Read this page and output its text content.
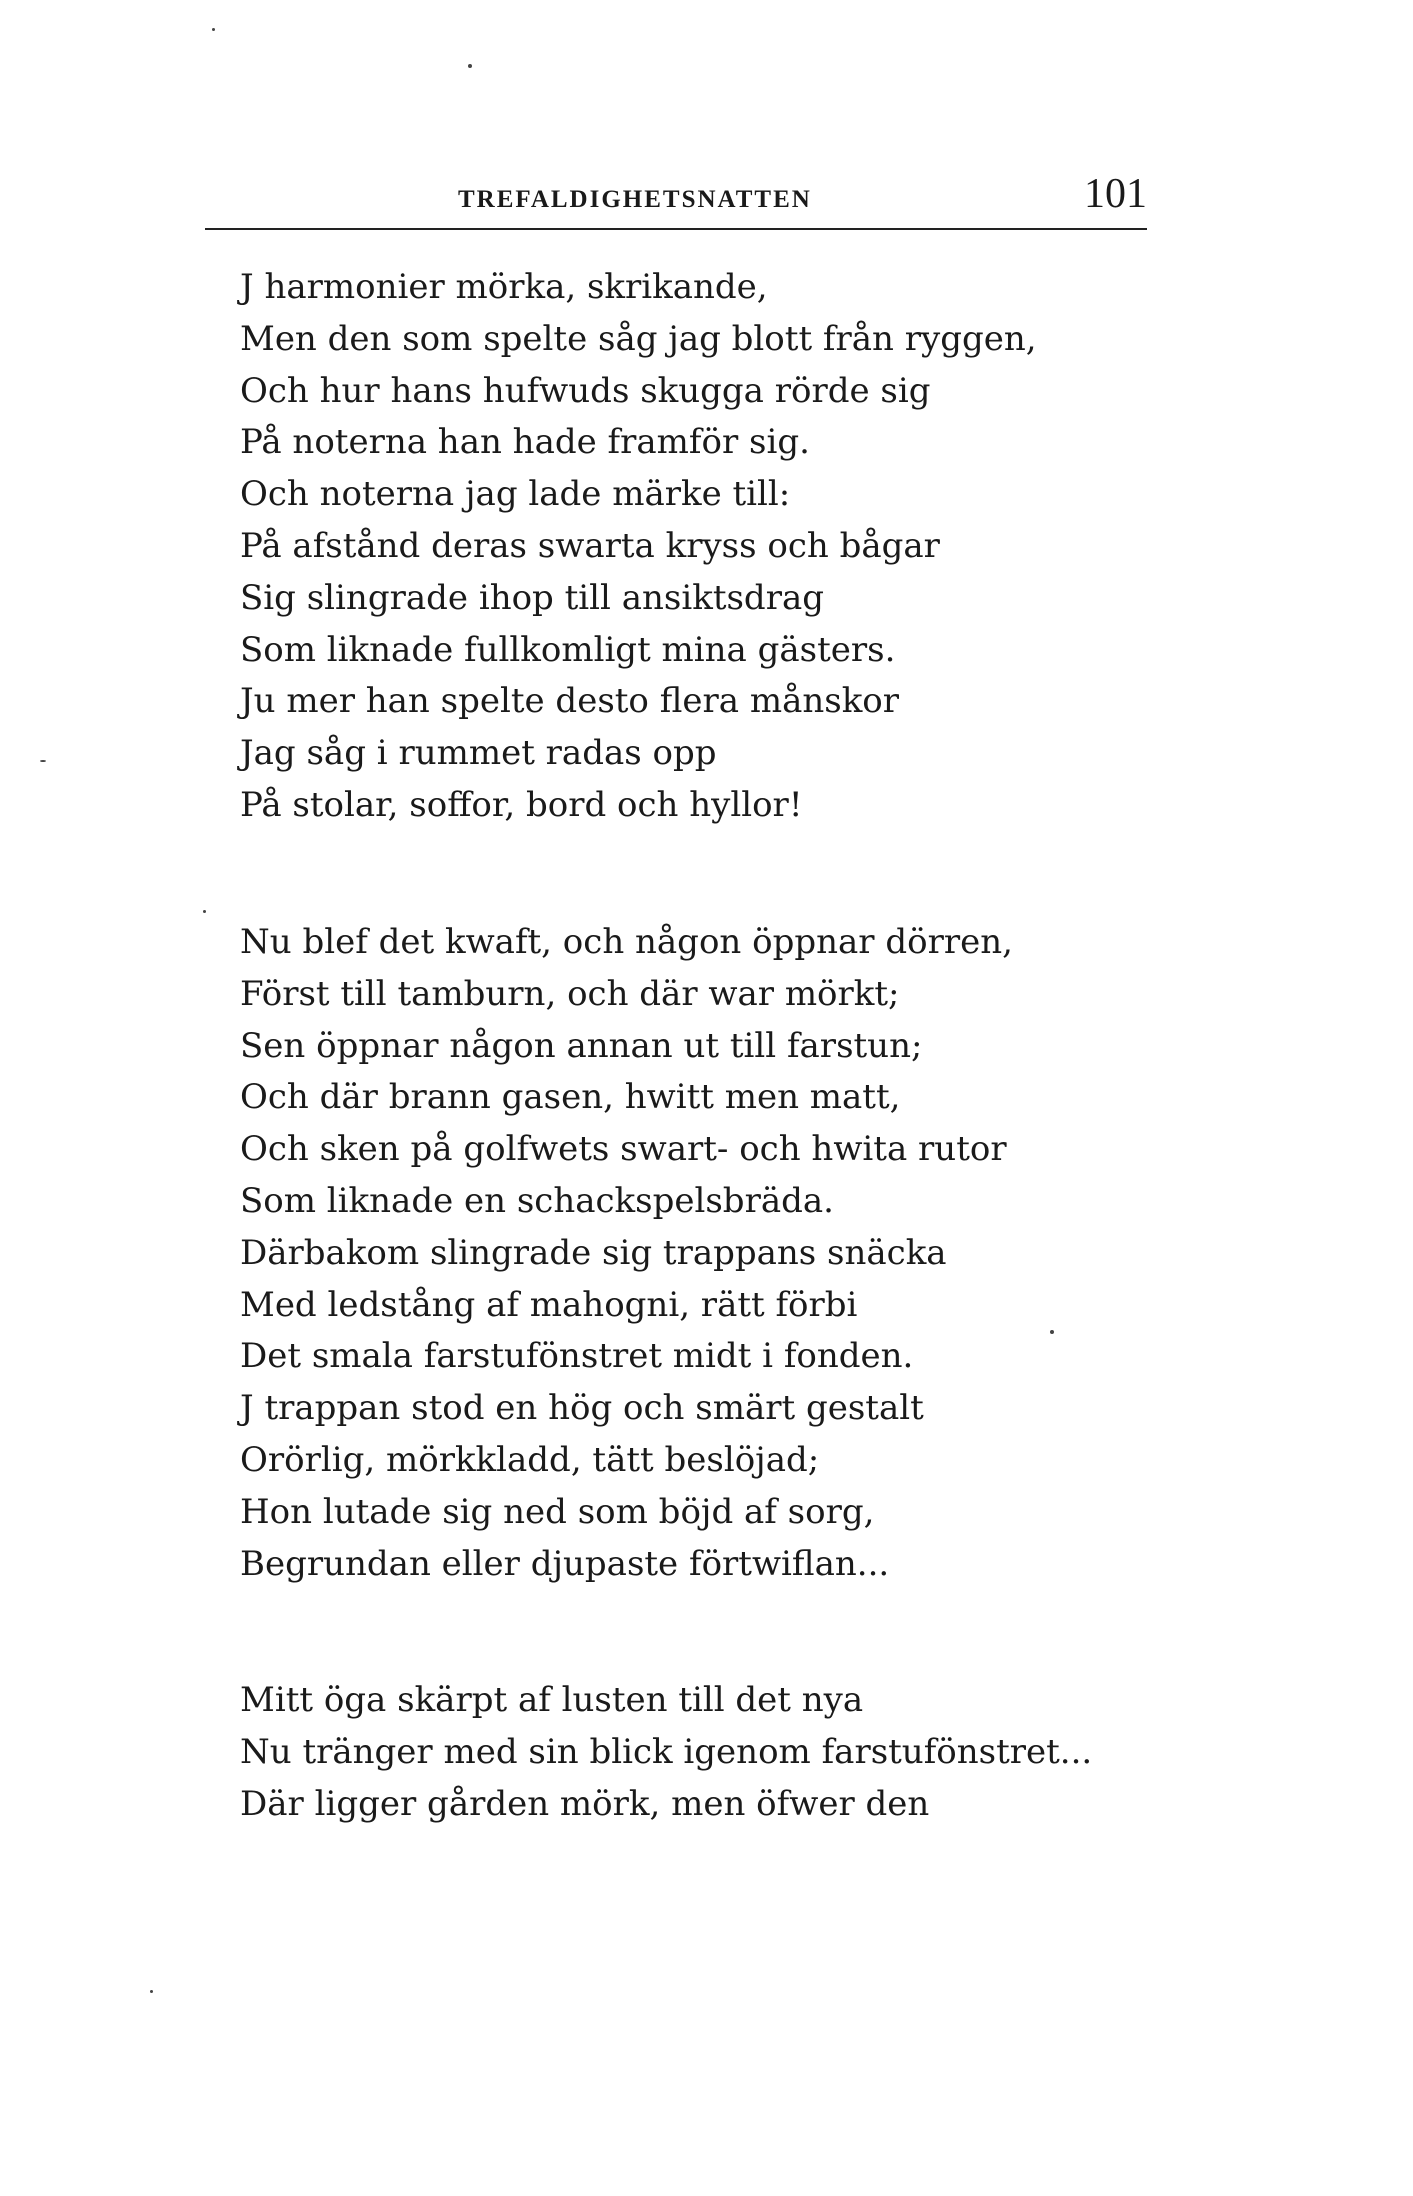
TREFALDIGHETSNATTEN	101
J harmonier mörka, skrikande,
Men den som spelte såg jag blott från ryggen,
Och hur hans hufwuds skugga rörde sig
På noterna han hade framför sig.
Och noterna jag lade märke till:
På afstånd deras swarta kryss och bågar
Sig slingrade ihop till ansiktsdrag
Som liknade fullkomligt mina gästers.
Ju mer han spelte desto flera månskor
Jag såg i rummet radas opp
På stolar, soffor, bord och hyllor!
Nu blef det kwaft, och någon öppnar dörren,
Först till tamburn, och där war mörkt;
Sen öppnar någon annan ut till farstun;
Och där brann gasen, hwitt men matt,
Och sken på golfwets swart- och hwita rutor
Som liknade en schackspelsbräda.
Därbakom slingrade sig trappans snäcka
Med ledstång af mahogni, rätt förbi
Det smala farstufönstret midt i fonden.
J trappan stod en hög och smärt gestalt
Orörlig, mörkkladd, tätt beslöjad;
Hon lutade sig ned som böjd af sorg,
Begrundan eller djupaste förtwiflan...
Mitt öga skärpt af lusten till det nya
Nu tränger med sin blick igenom farstufönstret...
Där ligger gården mörk, men öfwer den
